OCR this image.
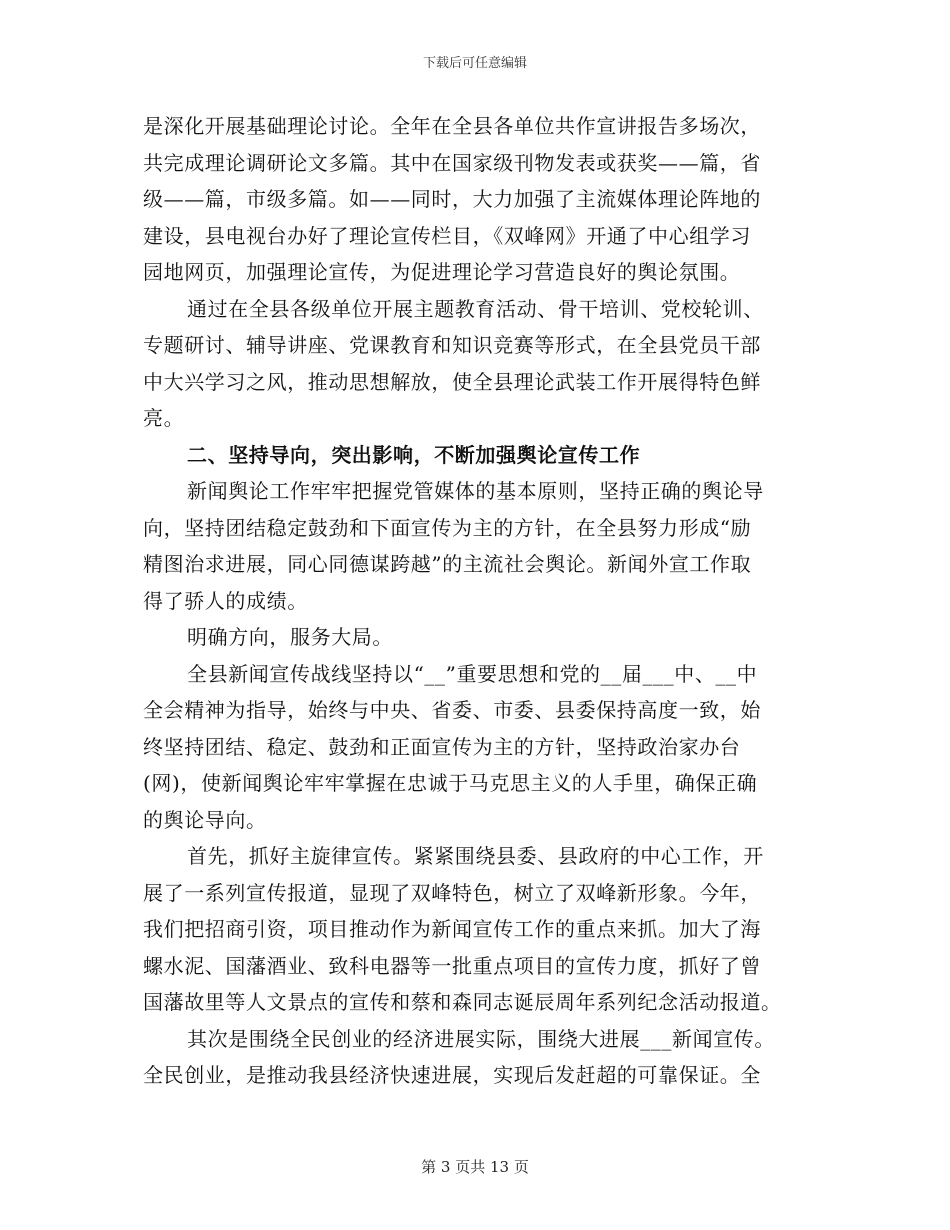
下载后可任意编辑
是深化开展基础理论讨论。全年在全县各单位共作宣讲报告多场次，
共完成理论调研论文多篇。其中在国家级刊物发表或获奖——篇，省
级——篇，市级多篇。如——同时，大力加强了主流媒体理论阵地的
建设，县电视台办好了理论宣传栏目，《双峰网》开通了中心组学习
园地网页，加强理论宣传，为促进理论学习营造良好的舆论氛围。
通过在全县各级单位开展主题教育活动、骨干培训、党校轮训、
专题研讨、辅导讲座、党课教育和知识竞赛等形式，在全县党员干部
中大兴学习之风，推动思想解放，使全县理论武装工作开展得特色鲜
亮。
二、坚持导向，突出影响，不断加强舆论宣传工作
新闻舆论工作牢牢把握党管媒体的基本原则，坚持正确的舆论导
向，坚持团结稳定鼓劲和下面宣传为主的方针，在全县努力形成“励
精图治求进展，同心同德谋跨越”的主流社会舆论。新闻外宣工作取
得了骄人的成绩。
明确方向，服务大局。
全县新闻宣传战线坚持以“__”重要思想和党的__届___中、__中
全会精神为指导，始终与中央、省委、市委、县委保持高度一致，始
终坚持团结、稳定、鼓劲和正面宣传为主的方针，坚持政治家办台
(网)，使新闻舆论牢牢掌握在忠诚于马克思主义的人手里，确保正确
的舆论导向。
首先，抓好主旋律宣传。紧紧围绕县委、县政府的中心工作，开
展了一系列宣传报道，显现了双峰特色，树立了双峰新形象。今年，
我们把招商引资，项目推动作为新闻宣传工作的重点来抓。加大了海
螺水泥、国藩酒业、致科电器等一批重点项目的宣传力度，抓好了曾
国藩故里等人文景点的宣传和蔡和森同志诞辰周年系列纪念活动报道。
其次是围绕全民创业的经济进展实际，围绕大进展___新闻宣传。
全民创业，是推动我县经济快速进展，实现后发赶超的可靠保证。全
第 3 页共 13 页
